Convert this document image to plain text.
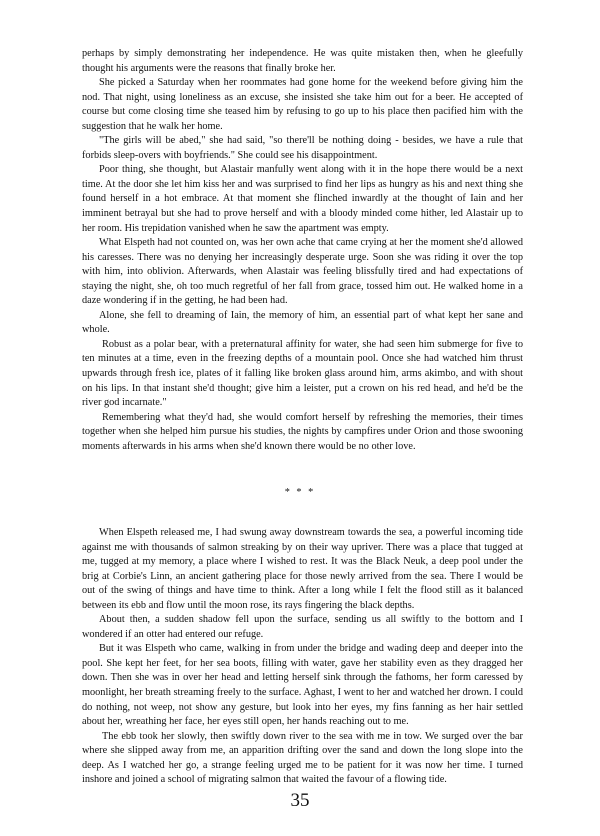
perhaps by simply demonstrating her independence. He was quite mistaken then, when he gleefully thought his arguments were the reasons that finally broke her.

She picked a Saturday when her roommates had gone home for the weekend before giving him the nod. That night, using loneliness as an excuse, she insisted she take him out for a beer. He accepted of course but come closing time she teased him by refusing to go up to his place then pacified him with the suggestion that he walk her home.

"The girls will be abed," she had said, "so there'll be nothing doing - besides, we have a rule that forbids sleep-overs with boyfriends." She could see his disappointment.

Poor thing, she thought, but Alastair manfully went along with it in the hope there would be a next time. At the door she let him kiss her and was surprised to find her lips as hungry as his and next thing she found herself in a hot embrace. At that moment she flinched inwardly at the thought of Iain and her imminent betrayal but she had to prove herself and with a bloody minded come hither, led Alastair up to her room. His trepidation vanished when he saw the apartment was empty.

What Elspeth had not counted on, was her own ache that came crying at her the moment she'd allowed his caresses. There was no denying her increasingly desperate urge. Soon she was riding it over the top with him, into oblivion. Afterwards, when Alastair was feeling blissfully tired and had expectations of staying the night, she, oh too much regretful of her fall from grace, tossed him out. He walked home in a daze wondering if in the getting, he had been had.

Alone, she fell to dreaming of Iain, the memory of him, an essential part of what kept her sane and whole.

Robust as a polar bear, with a preternatural affinity for water, she had seen him submerge for five to ten minutes at a time, even in the freezing depths of a mountain pool. Once she had watched him thrust upwards through fresh ice, plates of it falling like broken glass around him, arms akimbo, and with shout on his lips. In that instant she'd thought; give him a leister, put a crown on his red head, and he'd be the river god incarnate."

Remembering what they'd had, she would comfort herself by refreshing the memories, their times together when she helped him pursue his studies, the nights by campfires under Orion and those swooning moments afterwards in his arms when she'd known there would be no other love.

* * *

When Elspeth released me, I had swung away downstream towards the sea, a powerful incoming tide against me with thousands of salmon streaking by on their way upriver. There was a place that tugged at me, tugged at my memory, a place where I wished to rest. It was the Black Neuk, a deep pool under the brig at Corbie's Linn, an ancient gathering place for those newly arrived from the sea. There I would be out of the swing of things and have time to think. After a long while I felt the flood still as it balanced between its ebb and flow until the moon rose, its rays fingering the black depths.

About then, a sudden shadow fell upon the surface, sending us all swiftly to the bottom and I wondered if an otter had entered our refuge.

But it was Elspeth who came, walking in from under the bridge and wading deep and deeper into the pool. She kept her feet, for her sea boots, filling with water, gave her stability even as they dragged her down. Then she was in over her head and letting herself sink through the fathoms, her form caressed by moonlight, her breath streaming freely to the surface. Aghast, I went to her and watched her drown. I could do nothing, not weep, not show any gesture, but look into her eyes, my fins fanning as her hair settled about her, wreathing her face, her eyes still open, her hands reaching out to me.

The ebb took her slowly, then swiftly down river to the sea with me in tow. We surged over the bar where she slipped away from me, an apparition drifting over the sand and down the long slope into the deep. As I watched her go, a strange feeling urged me to be patient for it was now her time. I turned inshore and joined a school of migrating salmon that waited the favour of a flowing tide.

35
